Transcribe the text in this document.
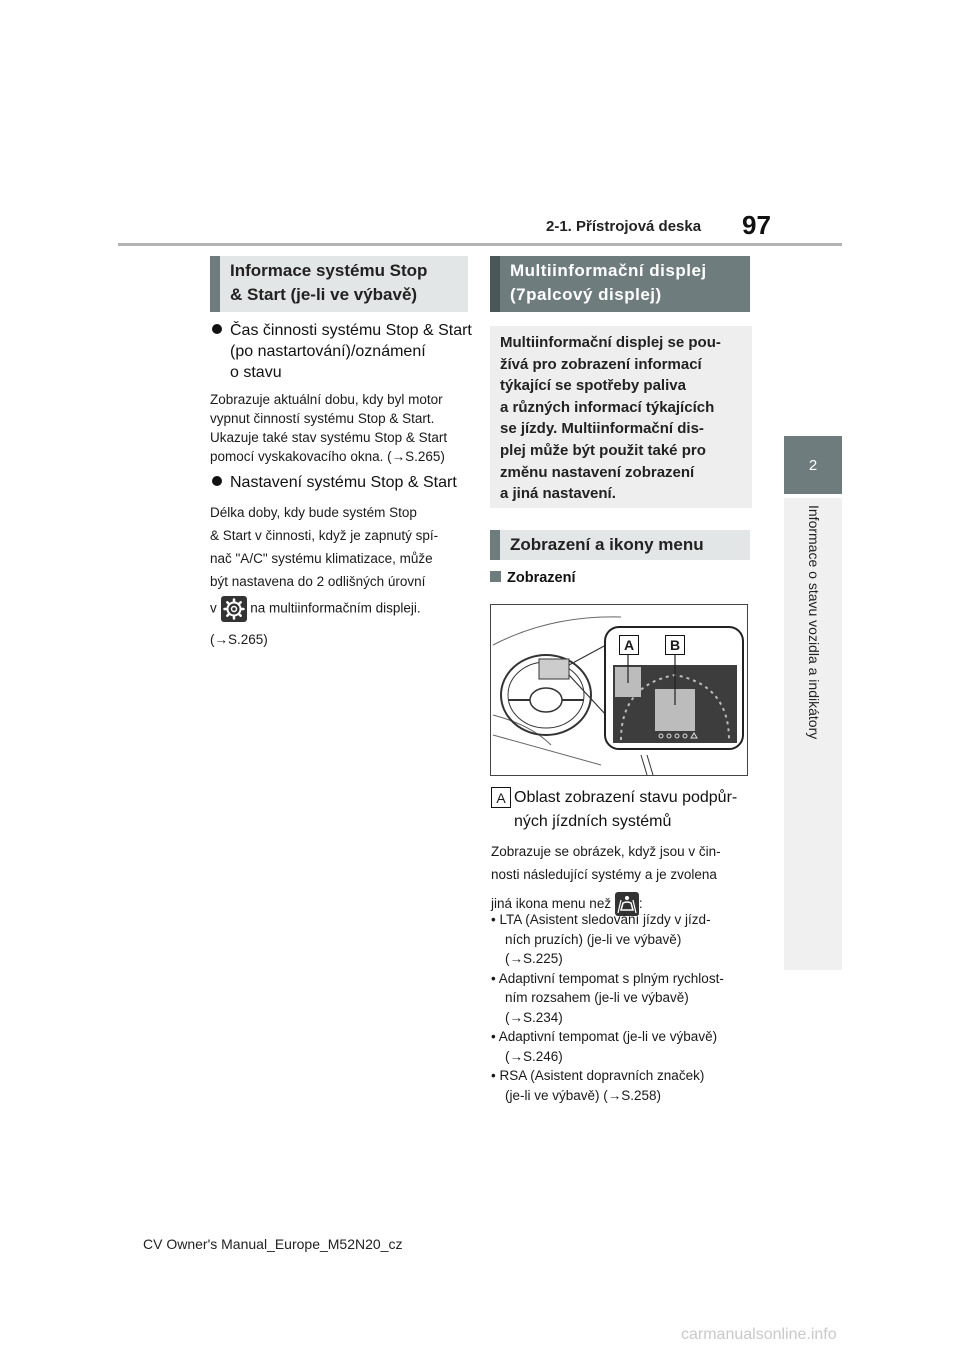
2-1. Přístrojová deska 97
2
Informace o stavu vozidla a indikátory
Informace systému Stop
& Start (je-li ve výbavě)
Čas činnosti systému Stop & Start
(po nastartování)/oznámení
o stavu
Zobrazuje aktuální dobu, kdy byl motor
vypnut činností systému Stop & Start.
Ukazuje také stav systému Stop & Start
pomocí vyskakovacího okna. (→S.265)
Nastavení systému Stop & Start
Délka doby, kdy bude systém Stop
& Start v činnosti, když je zapnutý spí-
nač "A/C" systému klimatizace, může
být nastavena do 2 odlišných úrovní
v na multiinformačním displeji.
(→S.265)
Multiinformační displej
(7palcový displej)
Multiinformační displej se pou-
žívá pro zobrazení informací
týkající se spotřeby paliva
a různých informací týkajících
se jízdy. Multiinformační dis-
plej může být použit také pro
změnu nastavení zobrazení
a jiná nastavení.
Zobrazení a ikony menu
Zobrazení
A	B
A Oblast zobrazení stavu podpůr-
ných jízdních systémů
Zobrazuje se obrázek, když jsou v čin-
nosti následující systémy a je zvolena
jiná ikona menu než :
• LTA (Asistent sledování jízdy v jízd-
ních pruzích) (je-li ve výbavě)
(→S.225)
• Adaptivní tempomat s plným rychlost-
ním rozsahem (je-li ve výbavě)
(→S.234)
• Adaptivní tempomat (je-li ve výbavě)
(→S.246)
• RSA (Asistent dopravních značek)
(je-li ve výbavě) (→S.258)
CV Owner's Manual_Europe_M52N20_cz
carmanualsonline.info
